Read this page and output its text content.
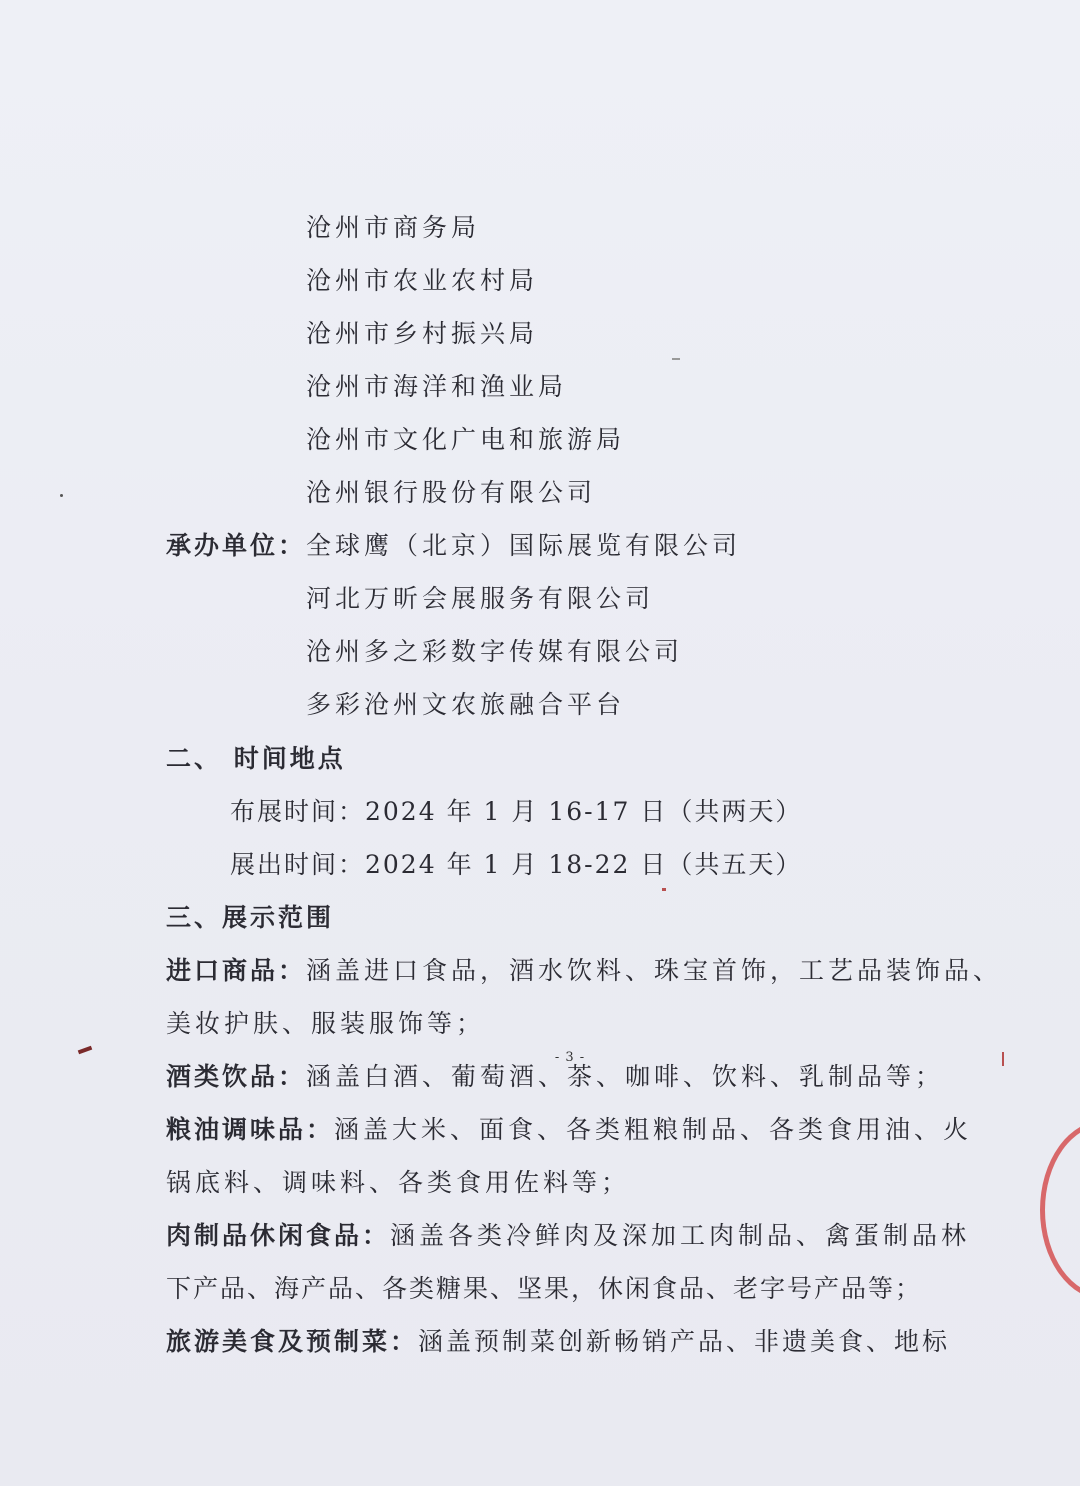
沧州市商务局
沧州市农业农村局
沧州市乡村振兴局
沧州市海洋和渔业局
沧州市文化广电和旅游局
沧州银行股份有限公司
承办单位： 全球鹰（北京）国际展览有限公司
河北万昕会展服务有限公司
沧州多之彩数字传媒有限公司
多彩沧州文农旅融合平台
二、 时间地点
布展时间：2024 年 1 月 16-17 日（共两天）
展出时间：2024 年 1 月 18-22 日（共五天）
三、展示范围
进口商品：涵盖进口食品，酒水饮料、珠宝首饰，工艺品装饰品、
美妆护肤、服装服饰等；
酒类饮品：涵盖白酒、葡萄酒、茶、咖啡、饮料、乳制品等；
粮油调味品：涵盖大米、面食、各类粗粮制品、各类食用油、火
锅底料、调味料、各类食用佐料等；
肉制品休闲食品：涵盖各类冷鲜肉及深加工肉制品、禽蛋制品林
下产品、海产品、各类糖果、坚果，休闲食品、老字号产品等；
旅游美食及预制菜：涵盖预制菜创新畅销产品、非遗美食、地标
- 3 -
